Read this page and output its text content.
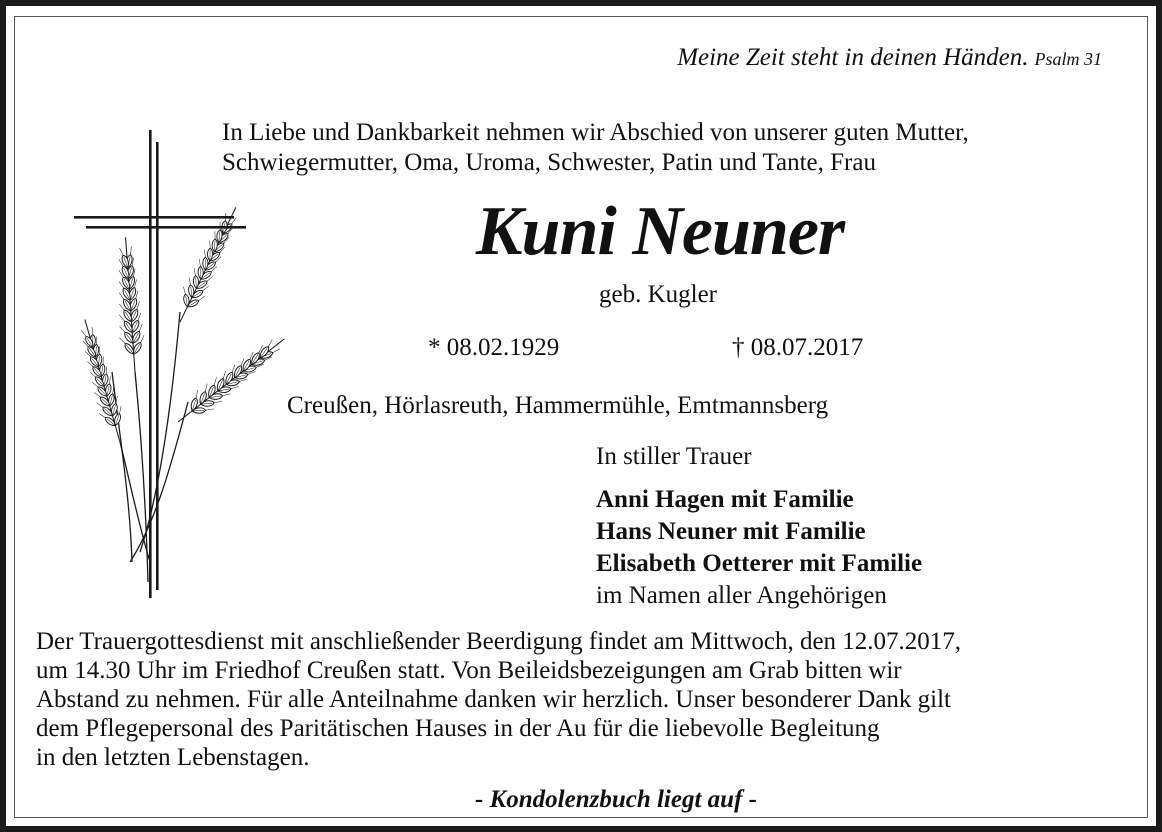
Meine Zeit steht in deinen Händen. Psalm 31
In Liebe und Dankbarkeit nehmen wir Abschied von unserer guten Mutter,
Schwiegermutter, Oma, Uroma, Schwester, Patin und Tante, Frau
Kuni Neuner
geb. Kugler
* 08.02.1929	† 08.07.2017
Creußen, Hörlasreuth, Hammermühle, Emtmannsberg
In stiller Trauer
Anni Hagen mit Familie
Hans Neuner mit Familie
Elisabeth Oetterer mit Familie
im Namen aller Angehörigen
Der Trauergottesdienst mit anschließender Beerdigung findet am Mittwoch, den 12.07.2017,
um 14.30 Uhr im Friedhof Creußen statt. Von Beileidsbezeigungen am Grab bitten wir
Abstand zu nehmen. Für alle Anteilnahme danken wir herzlich. Unser besonderer Dank gilt
dem Pflegepersonal des Paritätischen Hauses in der Au für die liebevolle Begleitung
in den letzten Lebenstagen.
- Kondolenzbuch liegt auf -
